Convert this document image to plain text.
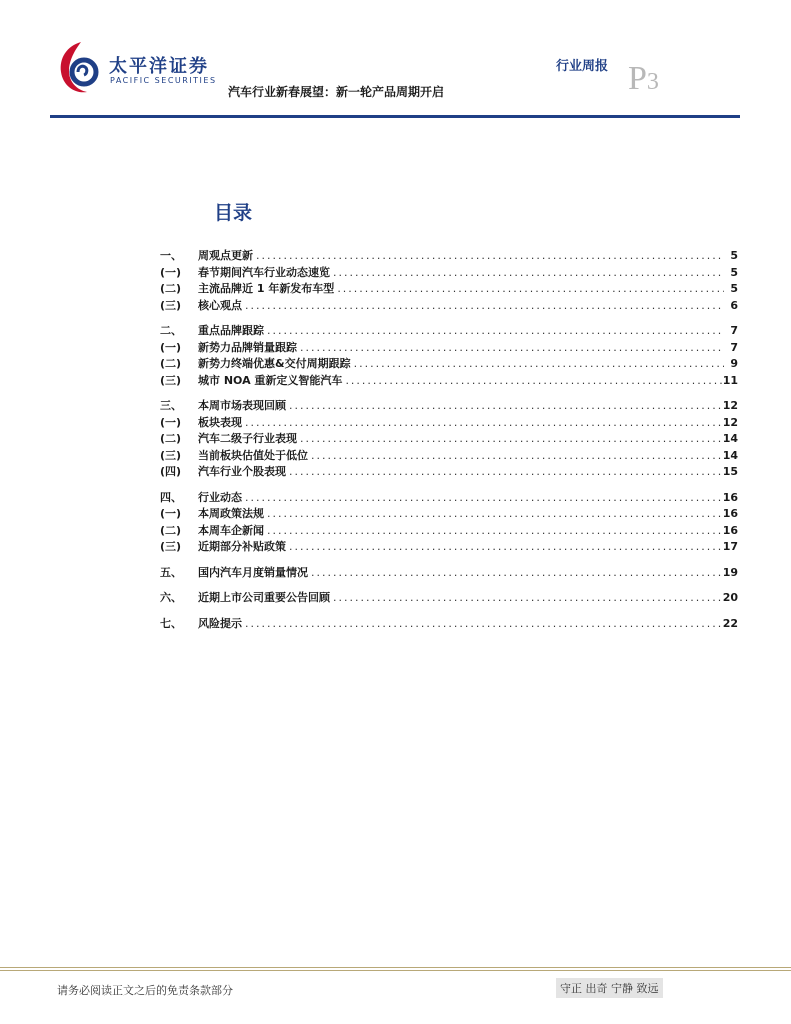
太平洋证券
PACIFIC SECURITIES
行业周报 P3
汽车行业新春展望：新一轮产品周期开启
目录
一、	周观点更新 .....	5
(一)	春节期间汽车行业动态速览 .....	5
(二)	主流品牌近 1 年新发布车型 .....	5
(三)	核心观点 .....	6
二、	重点品牌跟踪 .....	7
(一)	新势力品牌销量跟踪 .....	7
(二)	新势力终端优惠&交付周期跟踪 .....	9
(三)	城市 NOA 重新定义智能汽车 .....	11
三、	本周市场表现回顾 .....	12
(一)	板块表现 .....	12
(二)	汽车二级子行业表现 .....	14
(三)	当前板块估值处于低位 .....	14
(四)	汽车行业个股表现 .....	15
四、	行业动态 .....	16
(一)	本周政策法规 .....	16
(二)	本周车企新闻 .....	16
(三)	近期部分补贴政策 .....	17
五、	国内汽车月度销量情况 .....	19
六、	近期上市公司重要公告回顾 .....	20
七、	风险提示 .....	22
请务必阅读正文之后的免责条款部分	守正 出奇 宁静 致远
